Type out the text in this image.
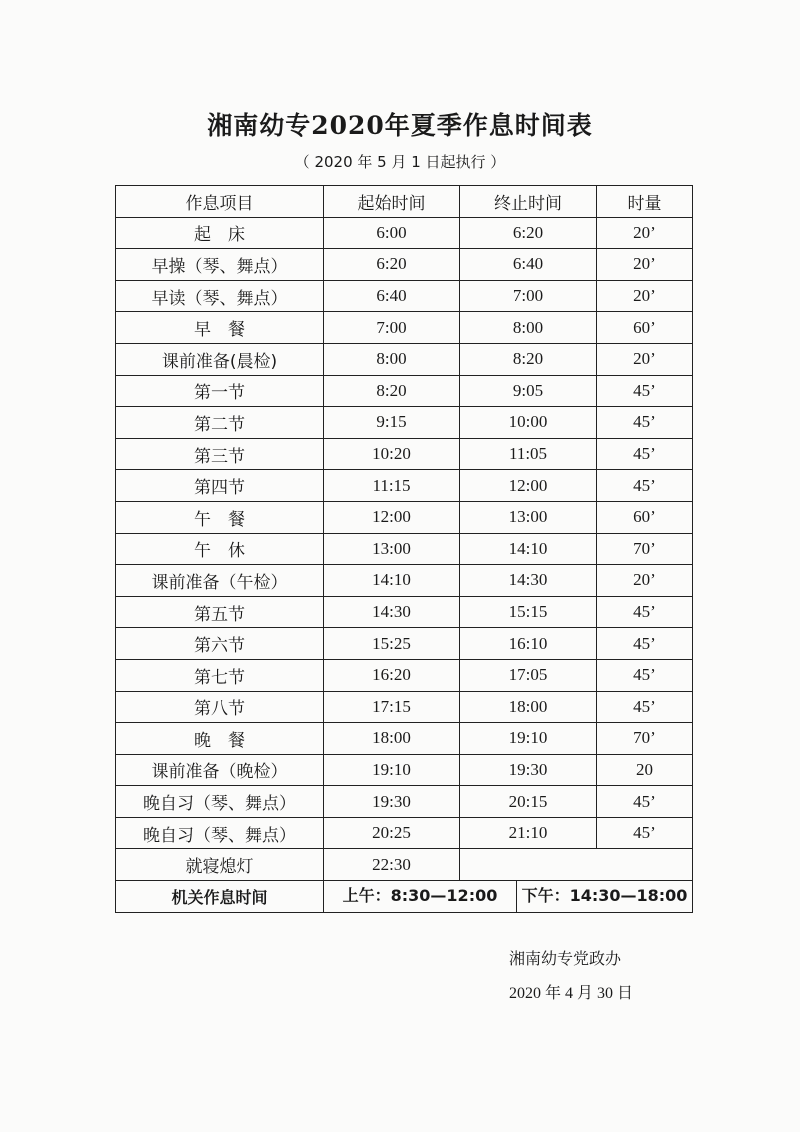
湘南幼专2020年夏季作息时间表
（ 2020 年 5 月 1 日起执行 ）
作息项目	起始时间	终止时间	时量
起　床	6:00	6:20	20’
早操（琴、舞点）	6:20	6:40	20’
早读（琴、舞点）	6:40	7:00	20’
早　餐	7:00	8:00	60’
课前准备(晨检)	8:00	8:20	20’
第一节	8:20	9:05	45’
第二节	9:15	10:00	45’
第三节	10:20	11:05	45’
第四节	11:15	12:00	45’
午　餐	12:00	13:00	60’
午　休	13:00	14:10	70’
课前准备（午检）	14:10	14:30	20’
第五节	14:30	15:15	45’
第六节	15:25	16:10	45’
第七节	16:20	17:05	45’
第八节	17:15	18:00	45’
晚　餐	18:00	19:10	70’
课前准备（晚检）	19:10	19:30	20
晚自习（琴、舞点）	19:30	20:15	45’
晚自习（琴、舞点）	20:25	21:10	45’
就寝熄灯	22:30		
机关作息时间	上午：8:30—12:00 下午：14:30—18:00		
湘南幼专党政办
2020 年 4 月 30 日
